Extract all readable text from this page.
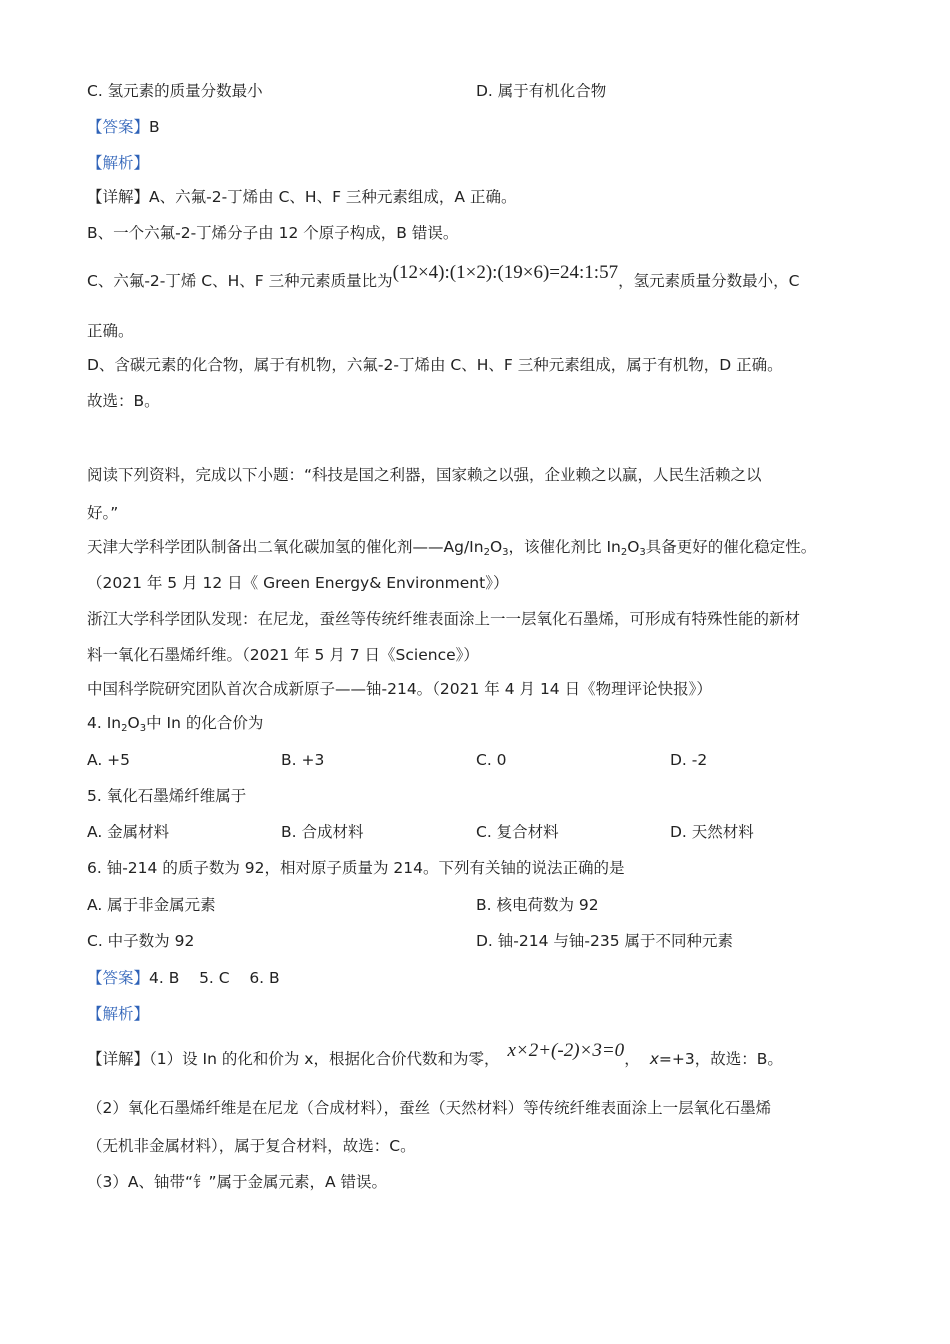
C. 氢元素的质量分数最小	D. 属于有机化合物
【答案】B
【解析】
【详解】A、六氟-2-丁烯由 C、H、F 三种元素组成，A 正确。
B、一个六氟-2-丁烯分子由 12 个原子构成，B 错误。
C、六氟-2-丁烯 C、H、F 三种元素质量比为(12×4):(1×2):(19×6)=24:1:57，氢元素质量分数最小，C
正确。
D、含碳元素的化合物，属于有机物，六氟-2-丁烯由 C、H、F 三种元素组成，属于有机物，D 正确。
故选：B。
阅读下列资料，完成以下小题：“科技是国之利器，国家赖之以强，企业赖之以赢，人民生活赖之以
好。”
天津大学科学团队制备出二氧化碳加氢的催化剂$——Ag/In_2O_3$，该催化剂比 $In_2O_3$具备更好的催化稳定性。
（2021 年 5 月 12 日《 Green Energy& Environment》）
浙江大学科学团队发现：在尼龙，蚕丝等传统纤维表面涂上一一层氧化石墨烯，可形成有特殊性能的新材
料一氧化石墨烯纤维。（2021 年 5 月 7 日《Science》）
中国科学院研究团队首次合成新原子——铀-214。（2021 年 4 月 14 日《物理评论快报》）
4. $In_2O_3$中 In 的化合价为
A. +5	B. +3	C. 0	D. -2
5. 氧化石墨烯纤维属于
A. 金属材料	B. 合成材料	C. 复合材料	D. 天然材料
6. 铀-214 的质子数为 92，相对原子质量为 214。下列有关铀的说法正确的是
A. 属于非金属元素	B. 核电荷数为 92
C. 中子数为 92	D. 铀-214 与铀-235 属于不同种元素
【答案】4. B    5. C    6. B
【解析】
【详解】（1）设 In 的化和价为 x，根据化合价代数和为零， x×2+(-2)×3=0， x=+3，故选：B。
（2）氧化石墨烯纤维是在尼龙（合成材料），蚕丝（天然材料）等传统纤维表面涂上一层氧化石墨烯
（无机非金属材料），属于复合材料，故选：C。
（3）A、铀带“钅”属于金属元素，A 错误。
